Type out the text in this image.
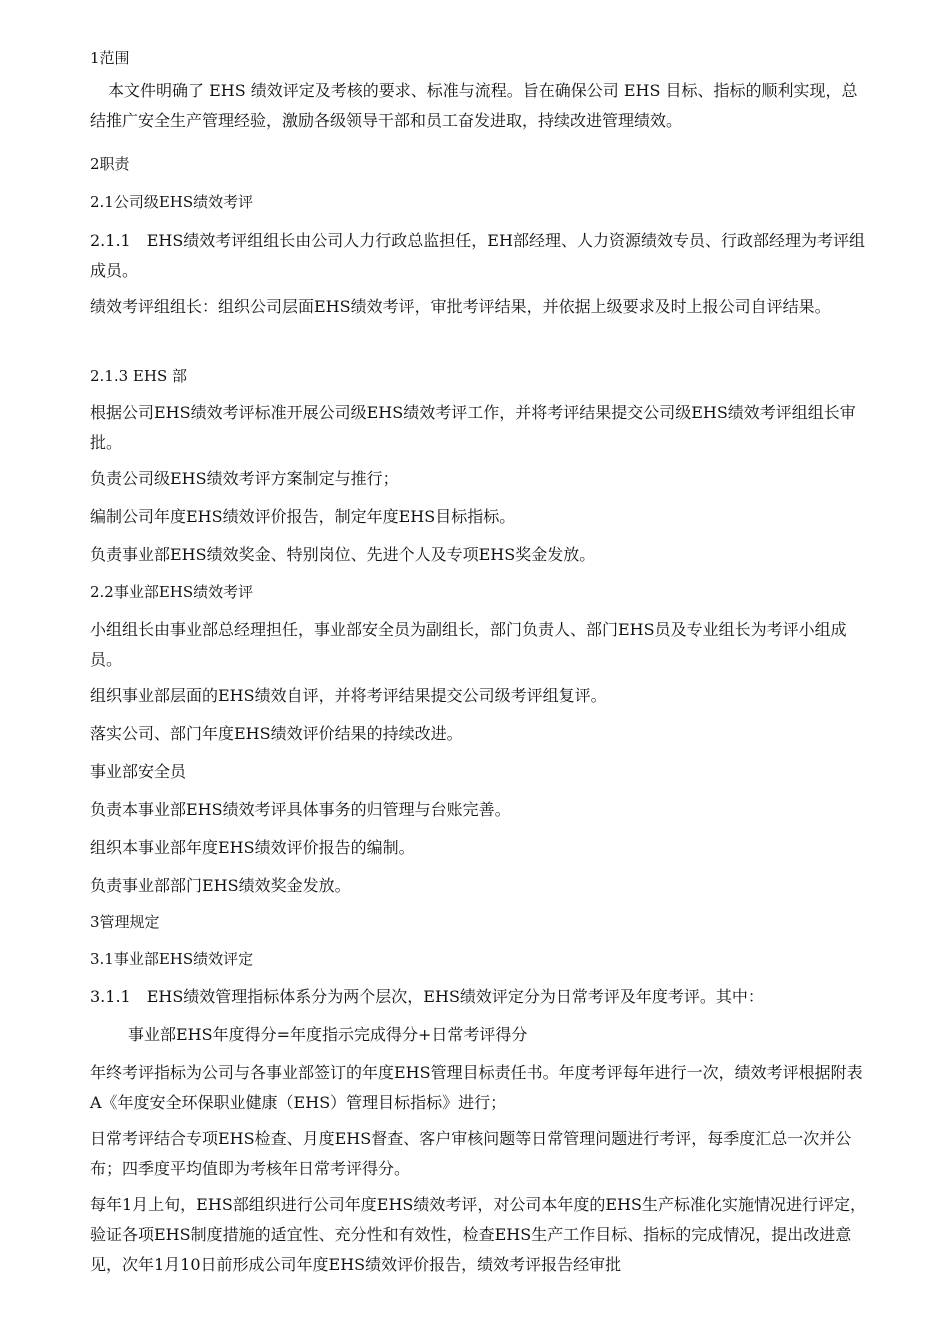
1范围

本文件明确了 EHS 绩效评定及考核的要求、标准与流程。旨在确保公司 EHS 目标、指标的顺利实现，总结推广安全生产管理经验，激励各级领导干部和员工奋发进取，持续改进管理绩效。

2职责

2.1公司级EHS绩效考评

2.1.1　EHS绩效考评组组长由公司人力行政总监担任，EH部经理、人力资源绩效专员、行政部经理为考评组成员。

绩效考评组组长：组织公司层面EHS绩效考评，审批考评结果，并依据上级要求及时上报公司自评结果。

2.1.3 EHS 部

根据公司EHS绩效考评标准开展公司级EHS绩效考评工作，并将考评结果提交公司级EHS绩效考评组组长审批。

负责公司级EHS绩效考评方案制定与推行；

编制公司年度EHS绩效评价报告，制定年度EHS目标指标。

负责事业部EHS绩效奖金、特别岗位、先进个人及专项EHS奖金发放。

2.2事业部EHS绩效考评

小组组长由事业部总经理担任，事业部安全员为副组长，部门负责人、部门EHS员及专业组长为考评小组成员。

组织事业部层面的EHS绩效自评，并将考评结果提交公司级考评组复评。

落实公司、部门年度EHS绩效评价结果的持续改进。

事业部安全员

负责本事业部EHS绩效考评具体事务的归管理与台账完善。

组织本事业部年度EHS绩效评价报告的编制。

负责事业部部门EHS绩效奖金发放。

3管理规定

3.1事业部EHS绩效评定

3.1.1　EHS绩效管理指标体系分为两个层次，EHS绩效评定分为日常考评及年度考评。其中：

事业部EHS年度得分=年度指示完成得分+日常考评得分

年终考评指标为公司与各事业部签订的年度EHS管理目标责任书。年度考评每年进行一次，绩效考评根据附表A《年度安全环保职业健康（EHS）管理目标指标》进行；

日常考评结合专项EHS检查、月度EHS督查、客户审核问题等日常管理问题进行考评，每季度汇总一次并公布；四季度平均值即为考核年日常考评得分。

每年1月上旬，EHS部组织进行公司年度EHS绩效考评，对公司本年度的EHS生产标准化实施情况进行评定，验证各项EHS制度措施的适宜性、充分性和有效性，检查EHS生产工作目标、指标的完成情况，提出改进意见，次年1月10日前形成公司年度EHS绩效评价报告，绩效考评报告经审批
